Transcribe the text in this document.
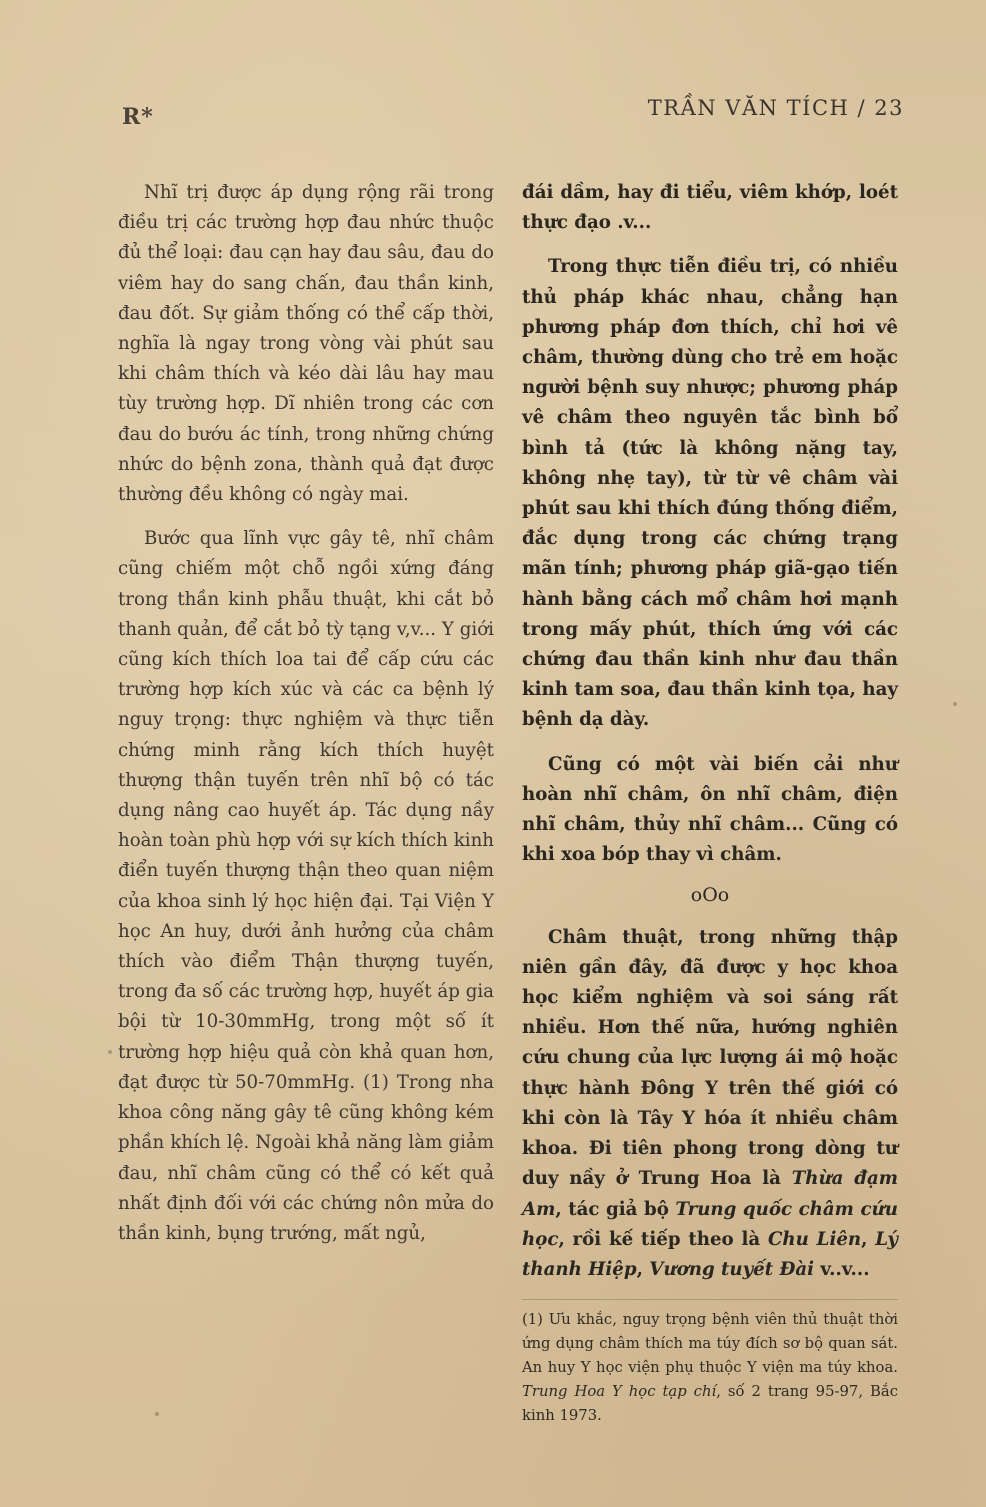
R*	TRẦN VĂN TÍCH / 23

Nhĩ trị được áp dụng rộng rãi trong điều trị các trường hợp đau nhức thuộc đủ thể loại: đau cạn hay đau sâu, đau do viêm hay do sang chấn, đau thần kinh, đau đốt. Sự giảm thống có thể cấp thời, nghĩa là ngay trong vòng vài phút sau khi châm thích và kéo dài lâu hay mau tùy trường hợp. Dĩ nhiên trong các cơn đau do bướu ác tính, trong những chứng nhức do bệnh zona, thành quả đạt được thường đều không có ngày mai.

Bước qua lĩnh vực gây tê, nhĩ châm cũng chiếm một chỗ ngồi xứng đáng trong thần kinh phẫu thuật, khi cắt bỏ thanh quản, để cắt bỏ tỳ tạng v,v... Y giới cũng kích thích loa tai để cấp cứu các trường hợp kích xúc và các ca bệnh lý nguy trọng: thực nghiệm và thực tiễn chứng minh rằng kích thích huyệt thượng thận tuyến trên nhĩ bộ có tác dụng nâng cao huyết áp. Tác dụng nầy hoàn toàn phù hợp với sự kích thích kinh điển tuyến thượng thận theo quan niệm của khoa sinh lý học hiện đại. Tại Viện Y học An huy, dưới ảnh hưởng của châm thích vào điểm Thận thượng tuyến, trong đa số các trường hợp, huyết áp gia bội từ 10-30mmHg, trong một số ít trường hợp hiệu quả còn khả quan hơn, đạt được từ 50-70mmHg. (1) Trong nha khoa công năng gây tê cũng không kém phần khích lệ. Ngoài khả năng làm giảm đau, nhĩ châm cũng có thể có kết quả nhất định đối với các chứng nôn mửa do thần kinh, bụng trướng, mất ngủ,

đái dầm, hay đi tiểu, viêm khớp, loét thực đạo .v...

Trong thực tiễn điều trị, có nhiều thủ pháp khác nhau, chẳng hạn phương pháp đơn thích, chỉ hơi vê châm, thường dùng cho trẻ em hoặc người bệnh suy nhược; phương pháp vê châm theo nguyên tắc bình bổ bình tả (tức là không nặng tay, không nhẹ tay), từ từ vê châm vài phút sau khi thích đúng thống điểm, đắc dụng trong các chứng trạng mãn tính; phương pháp giã-gạo tiến hành bằng cách mổ châm hơi mạnh trong mấy phút, thích ứng với các chứng đau thần kinh như đau thần kinh tam soa, đau thần kinh tọa, hay bệnh dạ dày.

Cũng có một vài biến cải như hoàn nhĩ châm, ôn nhĩ châm, điện nhĩ châm, thủy nhĩ châm... Cũng có khi xoa bóp thay vì châm.

oOo

Châm thuật, trong những thập niên gần đây, đã được y học khoa học kiểm nghiệm và soi sáng rất nhiều. Hơn thế nữa, hướng nghiên cứu chung của lực lượng ái mộ hoặc thực hành Đông Y trên thế giới có khi còn là Tây Y hóa ít nhiều châm khoa. Đi tiên phong trong dòng tư duy nầy ở Trung Hoa là Thừa đạm Am, tác giả bộ Trung quốc châm cứu học, rồi kế tiếp theo là Chu Liên, Lý thanh Hiệp, Vương tuyết Đài v..v...

(1) Ưu khắc, nguy trọng bệnh viên thủ thuật thời ứng dụng châm thích ma túy đích sơ bộ quan sát. An huy Y học viện phụ thuộc Y viện ma túy khoa. Trung Hoa Y học tạp chí, số 2 trang 95-97, Bắc kinh 1973.
